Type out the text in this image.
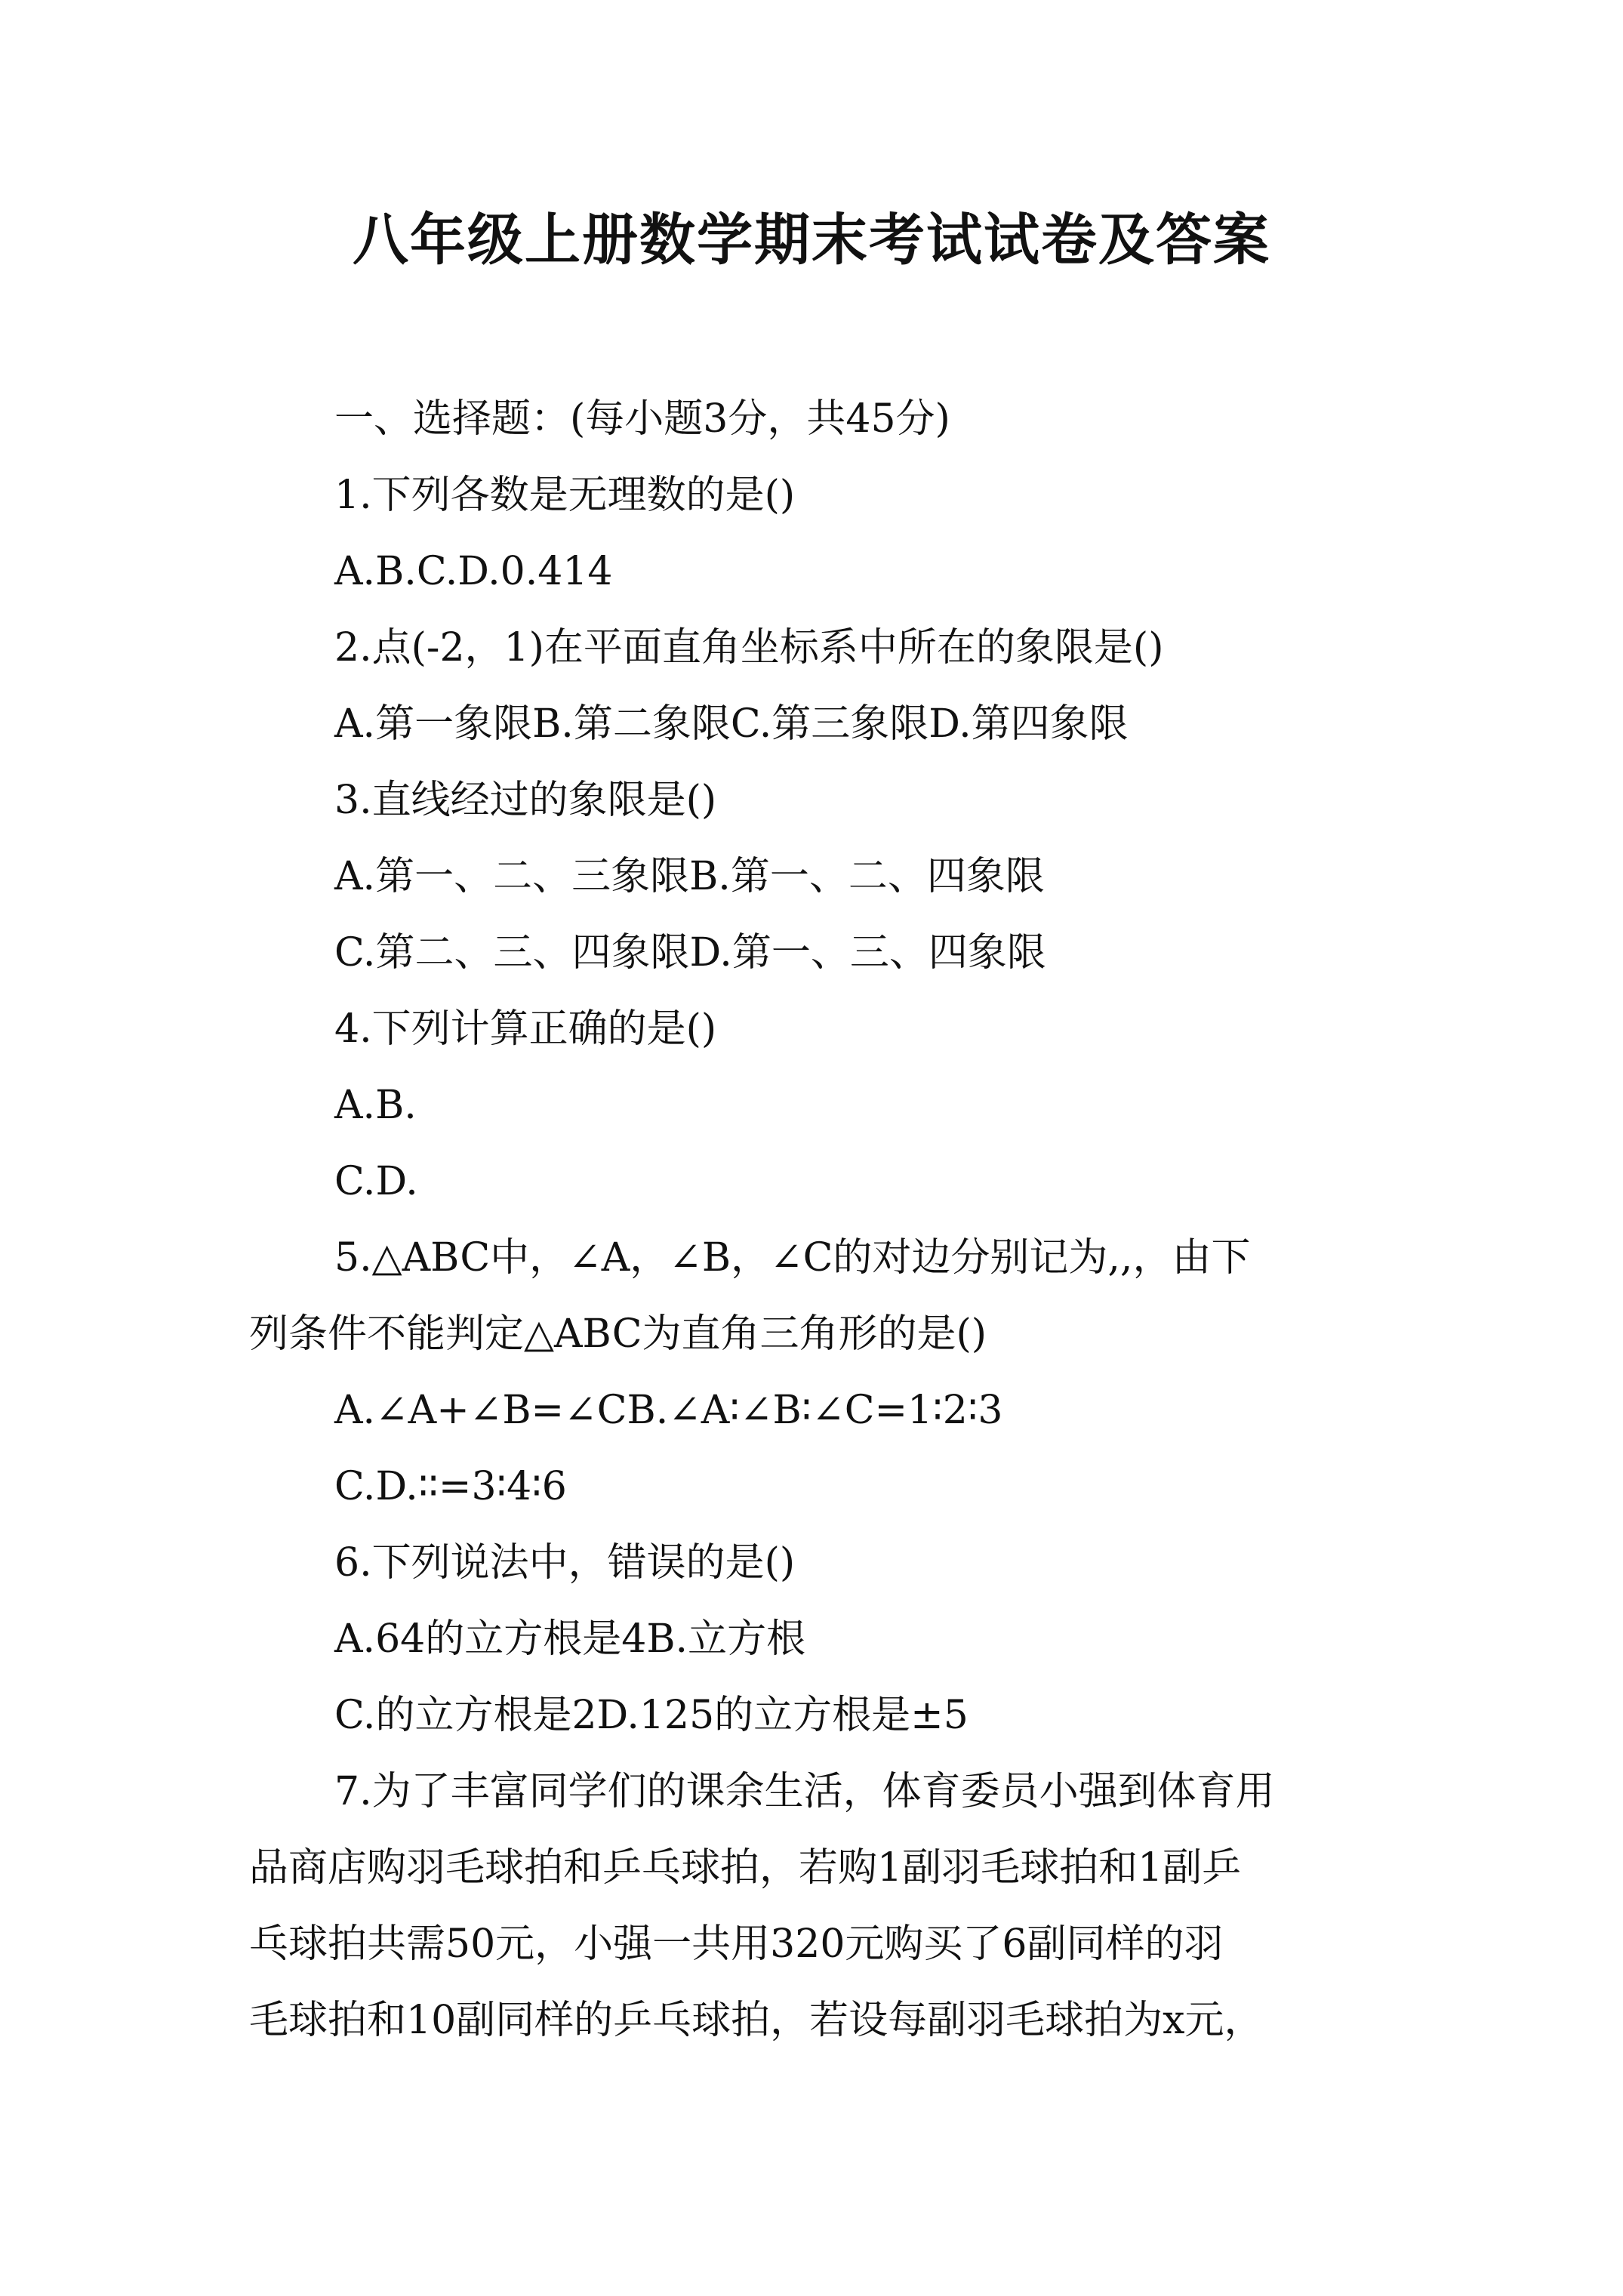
八年级上册数学期末考试试卷及答案
一、选择题：(每小题3分，共45分)
1.下列各数是无理数的是()
A.B.C.D.0.414
2.点(-2，1)在平面直角坐标系中所在的象限是()
A.第一象限B.第二象限C.第三象限D.第四象限
3.直线经过的象限是()
A.第一、二、三象限B.第一、二、四象限
C.第二、三、四象限D.第一、三、四象限
4.下列计算正确的是()
A.B.
C.D.
5.△ABC中，∠A，∠B，∠C的对边分别记为,,，由下
列条件不能判定△ABC为直角三角形的是()
A.∠A+∠B=∠CB.∠A∶∠B∶∠C=1∶2∶3
C.D.∶∶=3∶4∶6
6.下列说法中，错误的是()
A.64的立方根是4B.立方根
C.的立方根是2D.125的立方根是±5
7.为了丰富同学们的课余生活，体育委员小强到体育用
品商店购羽毛球拍和乒乓球拍，若购1副羽毛球拍和1副乒
乓球拍共需50元，小强一共用320元购买了6副同样的羽
毛球拍和10副同样的乒乓球拍，若设每副羽毛球拍为x元，
